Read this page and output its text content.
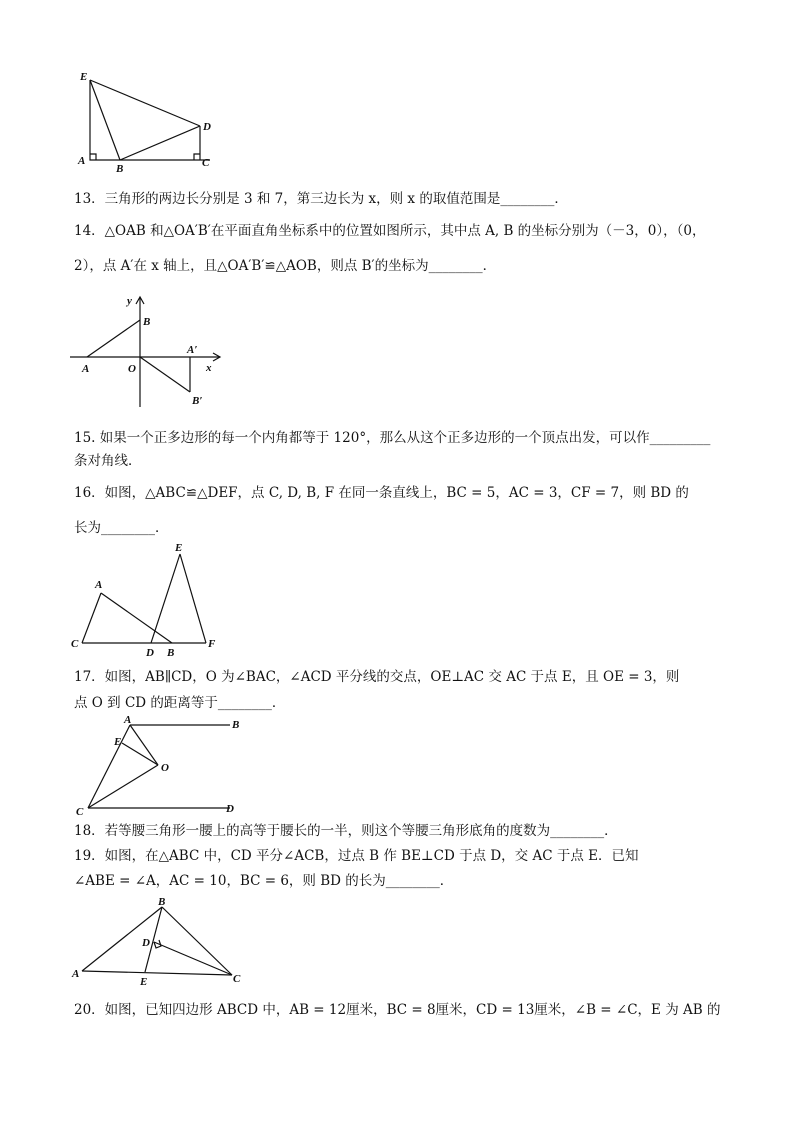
E
D
A
B	C
13．三角形的两边长分别是 3 和 7，第三边长为 x，则 x 的取值范围是________．
14．△OAB 和△OA′B′在平面直角坐标系中的位置如图所示，其中点 A, B 的坐标分别为（－3，0），（0，
2），点 A′在 x 轴上，且△OA′B′≌△AOB，则点 B′的坐标为________．
y
B
A′
A	O	x
B′
15. 如果一个正多边形的每一个内角都等于 120°，那么从这个正多边形的一个顶点出发，可以作_________
条对角线．
16．如图，△ABC≌△DEF，点 C, D, B, F 在同一条直线上，BC = 5，AC = 3，CF = 7，则 BD 的
长为________．
E
A
C
D B
F
17．如图，AB∥CD，O 为∠BAC，∠ACD 平分线的交点，OE⊥AC 交 AC 于点 E，且 OE = 3，则
点 O 到 CD 的距离等于________．
A	B
E
O
C	D
18．若等腰三角形一腰上的高等于腰长的一半，则这个等腰三角形底角的度数为________．
19．如图，在△ABC 中，CD 平分∠ACB，过点 B 作 BE⊥CD 于点 D，交 AC 于点 E．已知
∠ABE = ∠A，AC = 10，BC = 6，则 BD 的长为________．
B
D
A
E	C
20．如图，已知四边形 ABCD 中，AB = 12厘米，BC = 8厘米，CD = 13厘米，∠B = ∠C，E 为 AB 的
